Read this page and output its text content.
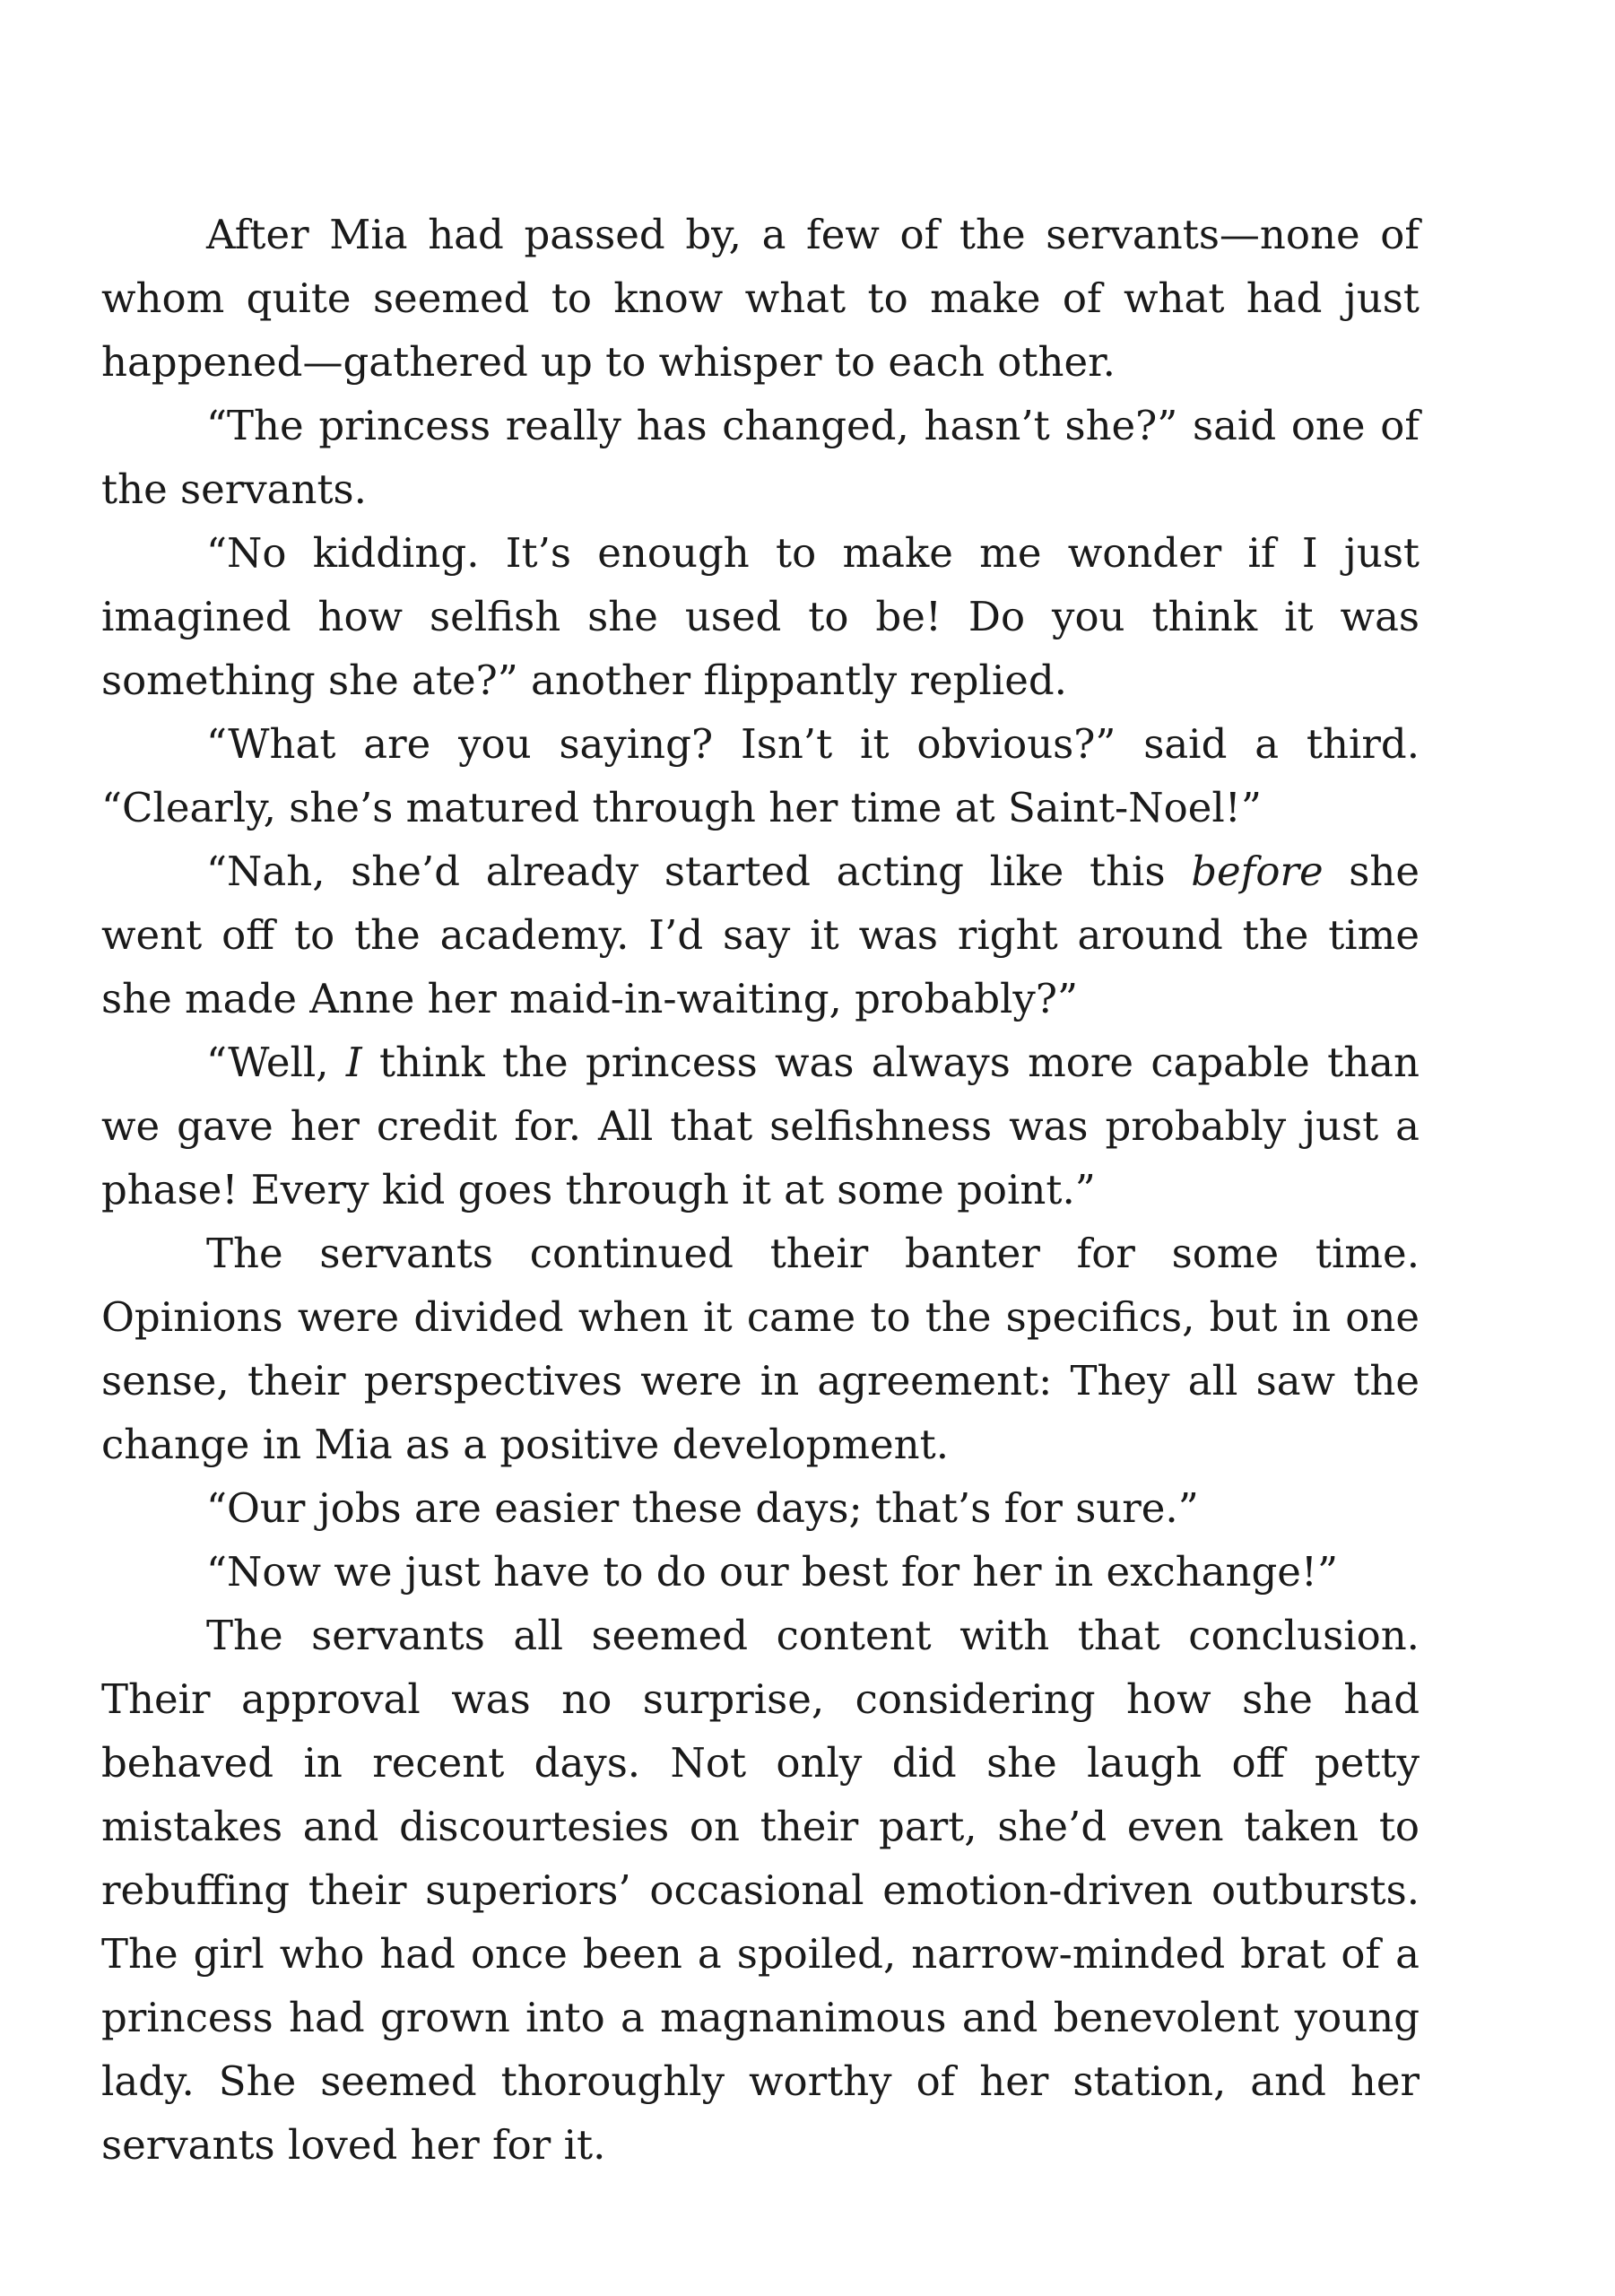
After Mia had passed by, a few of the servants—none of whom quite seemed to know what to make of what had just happened—gathered up to whisper to each other.

“The princess really has changed, hasn’t she?” said one of the servants.

“No kidding. It’s enough to make me wonder if I just imagined how selfish she used to be! Do you think it was something she ate?” another flippantly replied.

“What are you saying? Isn’t it obvious?” said a third. “Clearly, she’s matured through her time at Saint-Noel!”

“Nah, she’d already started acting like this before she went off to the academy. I’d say it was right around the time she made Anne her maid-in-waiting, probably?”

“Well, I think the princess was always more capable than we gave her credit for. All that selfishness was probably just a phase! Every kid goes through it at some point.”

The servants continued their banter for some time. Opinions were divided when it came to the specifics, but in one sense, their perspectives were in agreement: They all saw the change in Mia as a positive development.

“Our jobs are easier these days; that’s for sure.”

“Now we just have to do our best for her in exchange!”

The servants all seemed content with that conclusion. Their approval was no surprise, considering how she had behaved in recent days. Not only did she laugh off petty mistakes and discourtesies on their part, she’d even taken to rebuffing their superiors’ occasional emotion-driven outbursts. The girl who had once been a spoiled, narrow-minded brat of a princess had grown into a magnanimous and benevolent young lady. She seemed thoroughly worthy of her station, and her servants loved her for it.
